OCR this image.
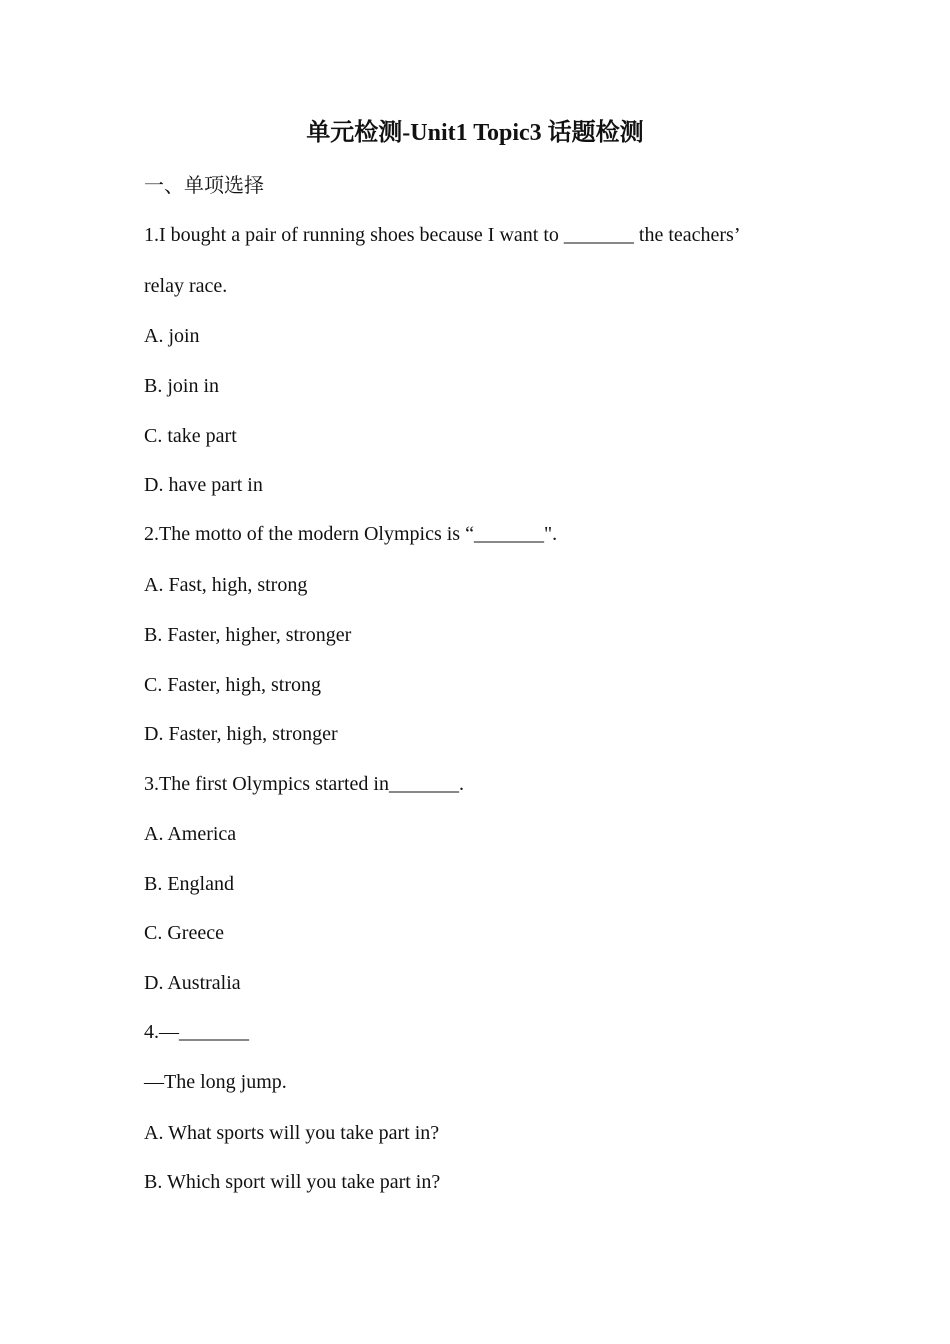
单元检测-Unit1 Topic3 话题检测
一、单项选择
1.I bought a pair of running shoes because I want to _______ the teachers’
relay race.
A. join
B. join in
C. take part
D. have part in
2.The motto of the modern Olympics is “_______".
A. Fast, high, strong
B. Faster, higher, stronger
C. Faster, high, strong
D. Faster, high, stronger
3.The first Olympics started in_______.
A. America
B. England
C. Greece
D. Australia
4.—_______
—The long jump.
A. What sports will you take part in?
B. Which sport will you take part in?
